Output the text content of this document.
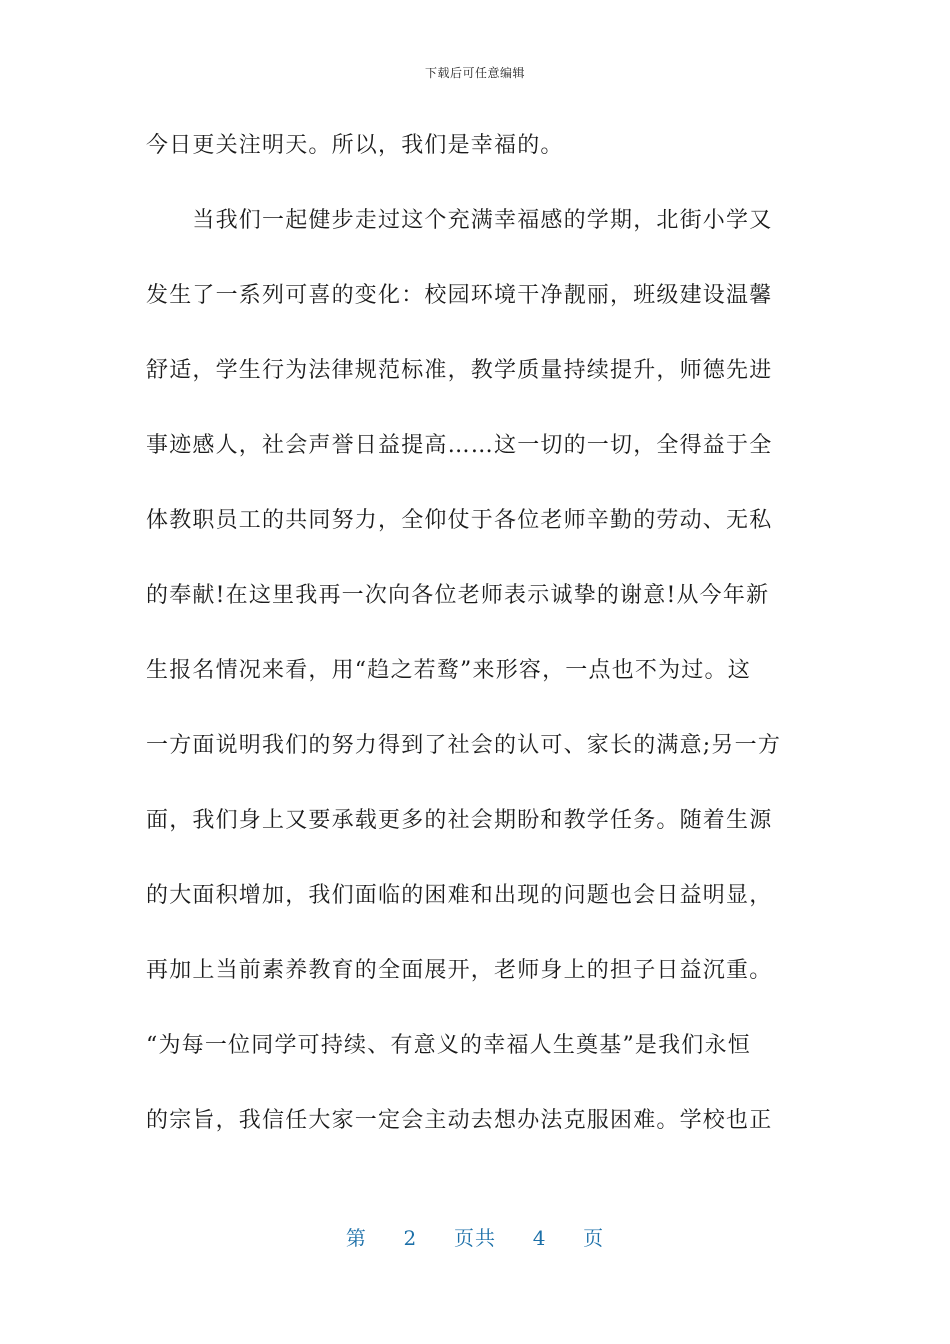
下载后可任意编辑
今日更关注明天。所以，我们是幸福的。
　　当我们一起健步走过这个充满幸福感的学期，北街小学又
发生了一系列可喜的变化：校园环境干净靓丽，班级建设温馨
舒适，学生行为法律规范标准，教学质量持续提升，师德先进
事迹感人，社会声誉日益提高……这一切的一切，全得益于全
体教职员工的共同努力，全仰仗于各位老师辛勤的劳动、无私
的奉献!在这里我再一次向各位老师表示诚挚的谢意!从今年新
生报名情况来看，用“趋之若鹜”来形容，一点也不为过。这
一方面说明我们的努力得到了社会的认可、家长的满意;另一方
面，我们身上又要承载更多的社会期盼和教学任务。随着生源
的大面积增加，我们面临的困难和出现的问题也会日益明显，
再加上当前素养教育的全面展开，老师身上的担子日益沉重。
“为每一位同学可持续、有意义的幸福人生奠基”是我们永恒
的宗旨，我信任大家一定会主动去想办法克服困难。学校也正
第 2 页共 4 页
